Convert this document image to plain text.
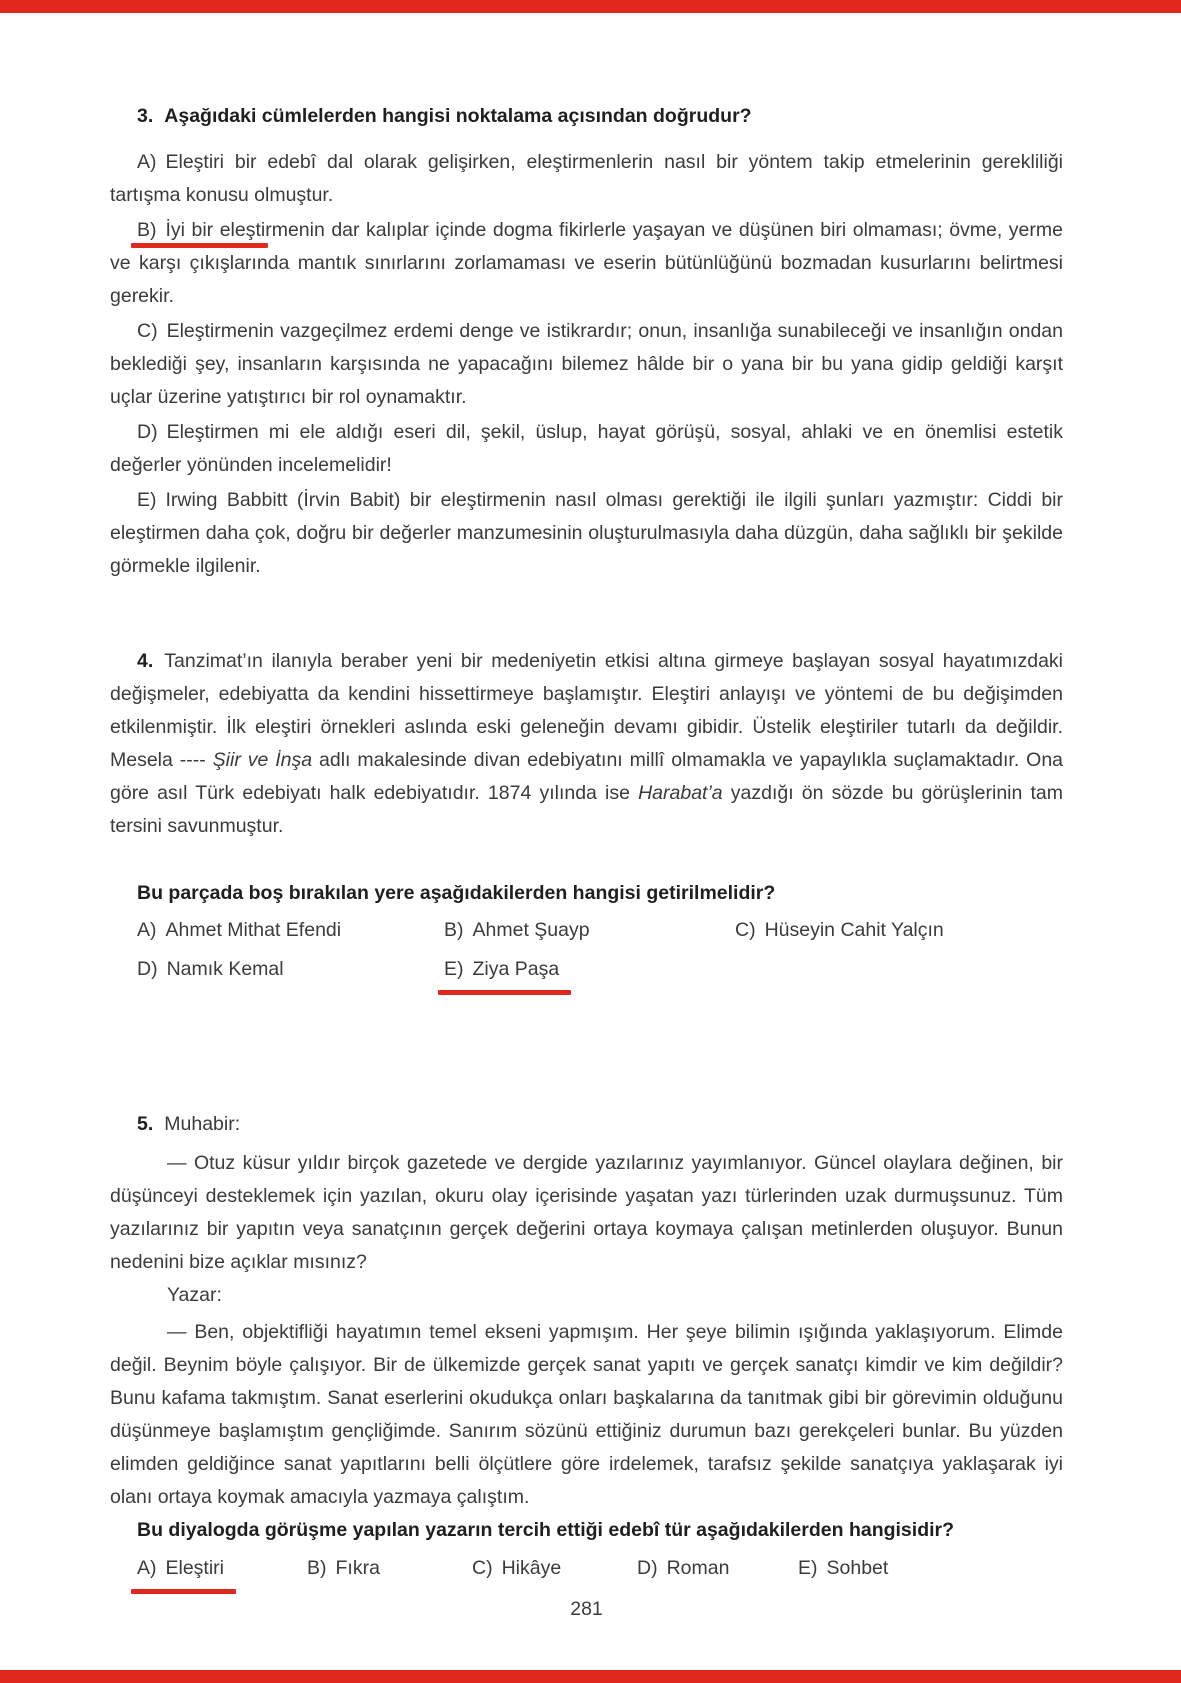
3. Aşağıdaki cümlelerden hangisi noktalama açısından doğrudur?

A) Eleştiri bir edebî dal olarak gelişirken, eleştirmenlerin nasıl bir yöntem takip etmelerinin gerekliliği tartışma konusu olmuştur.

B) İyi bir eleştirmenin dar kalıplar içinde dogma fikirlerle yaşayan ve düşünen biri olmaması; övme, yerme ve karşı çıkışlarında mantık sınırlarını zorlamaması ve eserin bütünlüğünü bozmadan kusurlarını belirtmesi gerekir.

C) Eleştirmenin vazgeçilmez erdemi denge ve istikrardır; onun, insanlığa sunabileceği ve insanlığın ondan beklediği şey, insanların karşısında ne yapacağını bilemez hâlde bir o yana bir bu yana gidip geldiği karşıt uçlar üzerine yatıştırıcı bir rol oynamaktır.

D) Eleştirmen mi ele aldığı eseri dil, şekil, üslup, hayat görüşü, sosyal, ahlaki ve en önemlisi estetik değerler yönünden incelemelidir!

E) Irwing Babbitt (İrvin Babit) bir eleştirmenin nasıl olması gerektiği ile ilgili şunları yazmıştır: Ciddi bir eleştirmen daha çok, doğru bir değerler manzumesinin oluşturulmasıyla daha düzgün, daha sağlıklı bir şekilde görmekle ilgilenir.

4. Tanzimat’ın ilanıyla beraber yeni bir medeniyetin etkisi altına girmeye başlayan sosyal hayatımızdaki değişmeler, edebiyatta da kendini hissettirmeye başlamıştır. Eleştiri anlayışı ve yöntemi de bu değişimden etkilenmiştir. İlk eleştiri örnekleri aslında eski geleneğin devamı gibidir. Üstelik eleştiriler tutarlı da değildir. Mesela ---- Şiir ve İnşa adlı makalesinde divan edebiyatını millî olmamakla ve yapaylıkla suçlamaktadır. Ona göre asıl Türk edebiyatı halk edebiyatıdır. 1874 yılında ise Harabat’a yazdığı ön sözde bu görüşlerinin tam tersini savunmuştur.

Bu parçada boş bırakılan yere aşağıdakilerden hangisi getirilmelidir?

A) Ahmet Mithat Efendi	B) Ahmet Şuayp	C) Hüseyin Cahit Yalçın
D) Namık Kemal	E) Ziya Paşa

5. Muhabir:

— Otuz küsur yıldır birçok gazetede ve dergide yazılarınız yayımlanıyor. Güncel olaylara değinen, bir düşünceyi desteklemek için yazılan, okuru olay içerisinde yaşatan yazı türlerinden uzak durmuşsunuz. Tüm yazılarınız bir yapıtın veya sanatçının gerçek değerini ortaya koymaya çalışan metinlerden oluşuyor. Bunun nedenini bize açıklar mısınız?

Yazar:

— Ben, objektifliği hayatımın temel ekseni yapmışım. Her şeye bilimin ışığında yaklaşıyorum. Elimde değil. Beynim böyle çalışıyor. Bir de ülkemizde gerçek sanat yapıtı ve gerçek sanatçı kimdir ve kim değildir? Bunu kafama takmıştım. Sanat eserlerini okudukça onları başkalarına da tanıtmak gibi bir görevimin olduğunu düşünmeye başlamıştım gençliğimde. Sanırım sözünü ettiğiniz durumun bazı gerekçeleri bunlar. Bu yüzden elimden geldiğince sanat yapıtlarını belli ölçütlere göre irdelemek, tarafsız şekilde sanatçıya yaklaşarak iyi olanı ortaya koymak amacıyla yazmaya çalıştım.

Bu diyalogda görüşme yapılan yazarın tercih ettiği edebî tür aşağıdakilerden hangisidir?

A) Eleştiri	B) Fıkra	C) Hikâye	D) Roman	E) Sohbet

281
